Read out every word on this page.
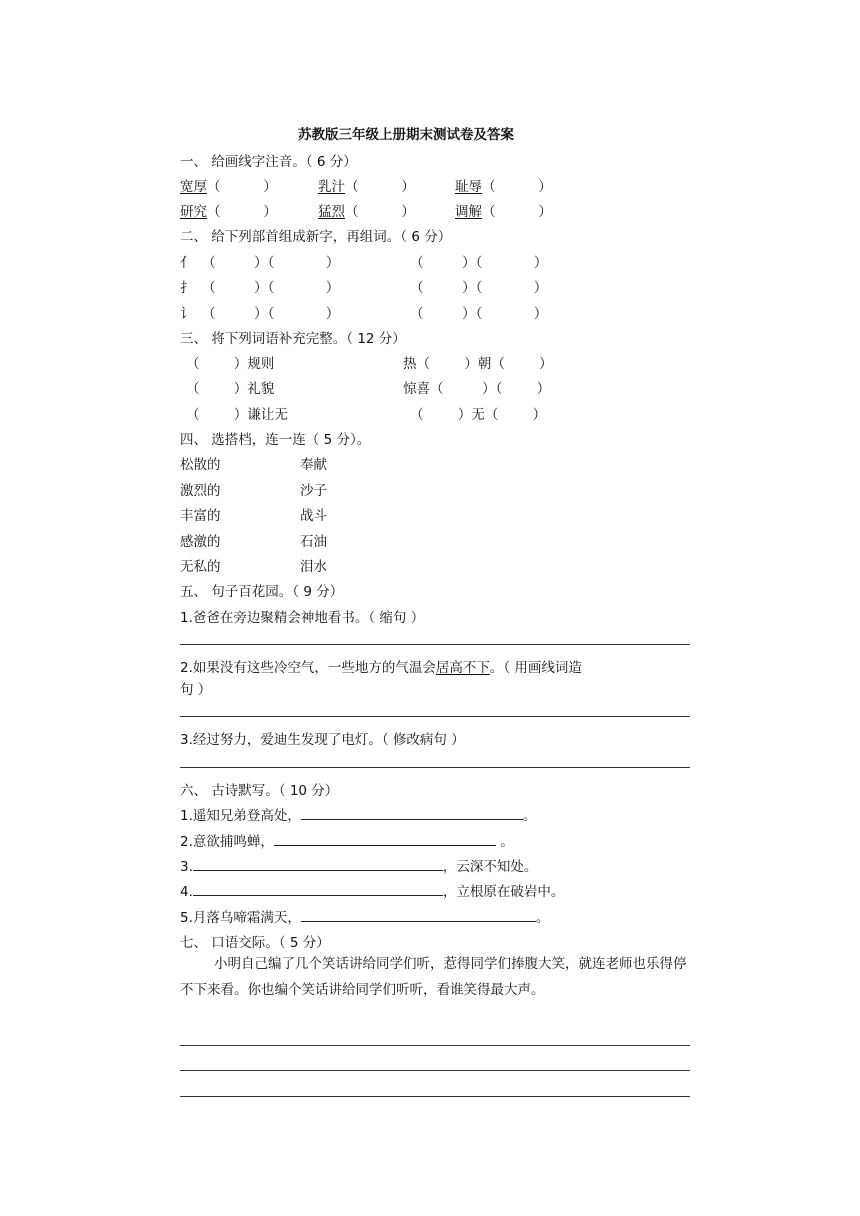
苏教版三年级上册期末测试卷及答案
一、 给画线字注音。（ 6 分）
宽厚（          ）	乳汁（          ）	耻辱（          ）
研究（          ）	猛烈（          ）	调解（          ）
二、 给下列部首组成新字，再组词。（ 6 分）
亻 （         ）（            ）	（         ）（            ）
扌 （         ）（            ）	（         ）（            ）
讠 （         ）（            ）	（         ）（            ）
三、 将下列词语补充完整。（ 12 分）
（        ）规则	热（        ）朝（        ）
（        ）礼貌	惊喜（         ）（        ）
（        ）谦让无	（        ）无（        ）
四、 选搭档，连一连（ 5 分）。
松散的	奉献
激烈的	沙子
丰富的	战斗
感激的	石油
无私的	泪水
五、 句子百花园。（ 9 分）
1.爸爸在旁边聚精会神地看书。（ 缩句 ）
2.如果没有这些冷空气，一些地方的气温会居高不下。（ 用画线词造
句 ）
3.经过努力，爱迪生发现了电灯。（ 修改病句 ）
六、 古诗默写。（ 10 分）
1.遥知兄弟登高处，	。
2.意欲捕鸣蝉，	。
3.	，云深不知处。
4.	，立根原在破岩中。
5.月落乌啼霜满天，	。
七、 口语交际。（ 5 分）
小明自己编了几个笑话讲给同学们听，惹得同学们捧腹大笑，就连老师也乐得停不下来看。你也编个笑话讲给同学们听听，看谁笑得最大声。
